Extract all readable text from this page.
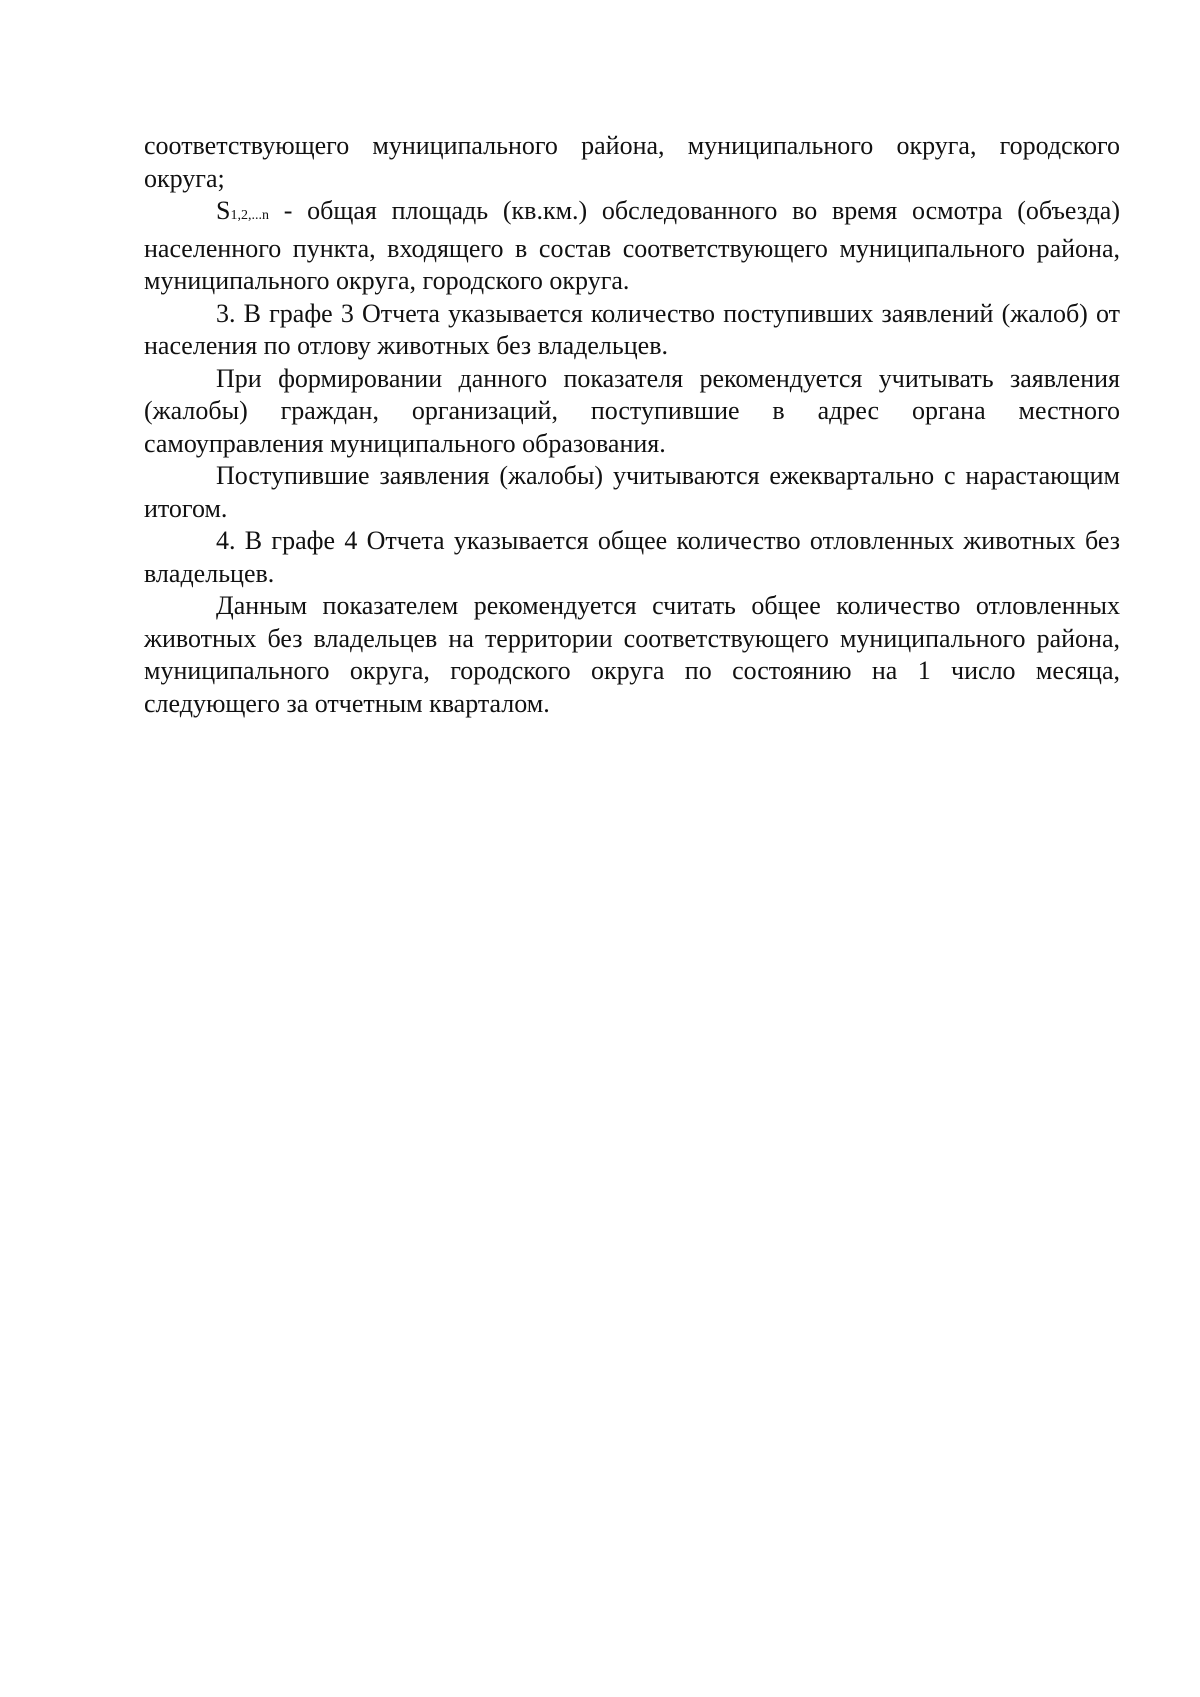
соответствующего муниципального района, муниципального округа, городского округа;

S1,2,...n - общая площадь (кв.км.) обследованного во время осмотра (объезда) населенного пункта, входящего в состав соответствующего муниципального района, муниципального округа, городского округа.

3. В графе 3 Отчета указывается количество поступивших заявлений (жалоб) от населения по отлову животных без владельцев.

При формировании данного показателя рекомендуется учитывать заявления (жалобы) граждан, организаций, поступившие в адрес органа местного самоуправления муниципального образования.

Поступившие заявления (жалобы) учитываются ежеквартально с нарастающим итогом.

4. В графе 4 Отчета указывается общее количество отловленных животных без владельцев.

Данным показателем рекомендуется считать общее количество отловленных животных без владельцев на территории соответствующего муниципального района, муниципального округа, городского округа по состоянию на 1 число месяца, следующего за отчетным кварталом.
